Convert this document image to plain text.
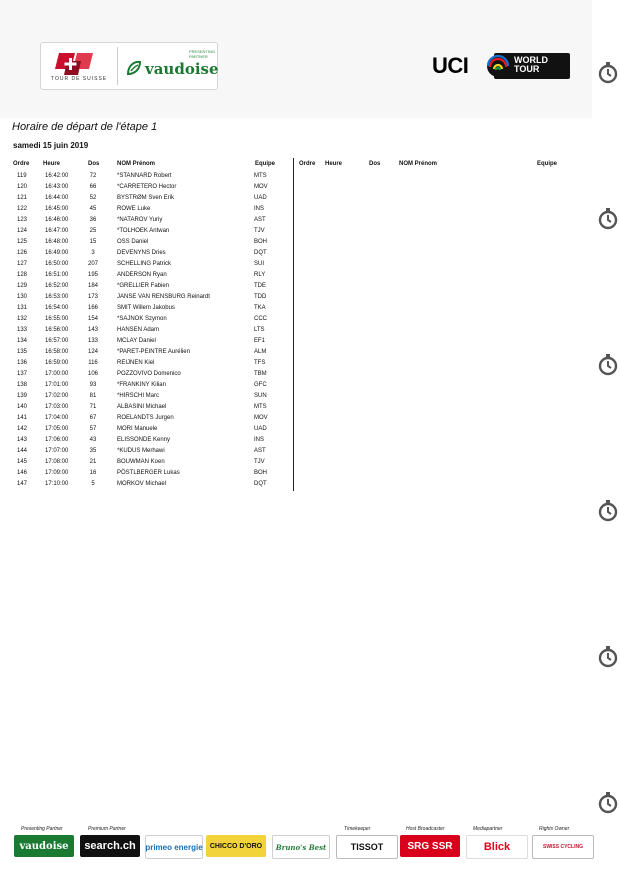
TOUR DE SUISSE
PRESENTING PARTNER
vaudoise	UCI	WORLD
TOUR
Horaire de départ de l'étape 1
samedi 15 juin 2019
Ordre Heure	Dos	NOM Prénom	Equipe	Ordre Heure	Dos	NOM Prénom	Equipe
119	16:42:00	72	*STANNARD Robert	MTS
120	16:43:00	66	*CARRETERO Hector	MOV
121	16:44:00	52	BYSTRØM Sven Erik	UAD
122	16:45:00	45	ROWE Luke	INS
123	16:46:00	36	*NATAROV Yuriy	AST
124	16:47:00	25	*TOLHOEK Antwan	TJV
125	16:48:00	15	OSS Daniel	BOH
126	16:49:00	3	DEVENYNS Dries	DQT
127	16:50:00	207	SCHELLING Patrick	SUI
128	16:51:00	195	ANDERSON Ryan	RLY
129	16:52:00	184	*GRELLIER Fabien	TDE
130	16:53:00	173	JANSE VAN RENSBURG Reinardt	TDD
131	16:54:00	166	SMIT Willem Jakobus	TKA
132	16:55:00	154	*SAJNOK Szymon	CCC
133	16:56:00	143	HANSEN Adam	LTS
134	16:57:00	133	MCLAY Daniel	EF1
135	16:58:00	124	*PARET-PEINTRE Aurélien	ALM
136	16:59:00	116	REIJNEN Kiel	TFS
137	17:00:00	106	POZZOVIVO Domenico	TBM
138	17:01:00	93	*FRANKINY Kilian	GFC
139	17:02:00	81	*HIRSCHI Marc	SUN
140	17:03:00	71	ALBASINI Michael	MTS
141	17:04:00	67	ROELANDTS Jurgen	MOV
142	17:05:00	57	MORI Manuele	UAD
143	17:06:00	43	ELISSONDE Kenny	INS
144	17:07:00	35	*KUDUS Merhawi	AST
145	17:08:00	21	BOUWMAN Koen	TJV
146	17:09:00	16	PÖSTLBERGER Lukas	BOH
147	17:10:00	5	MORKOV Michael	DQT
Presenting Partner
vaudoise
Premium Partner
search.ch	primeo energie	CHICCO D'ORO	Bruno's Best
Timekeeper
TISSOT
Host Broadcaster
SRG SSR
Mediapartner
Blick
Rights Owner
SWISS CYCLING
